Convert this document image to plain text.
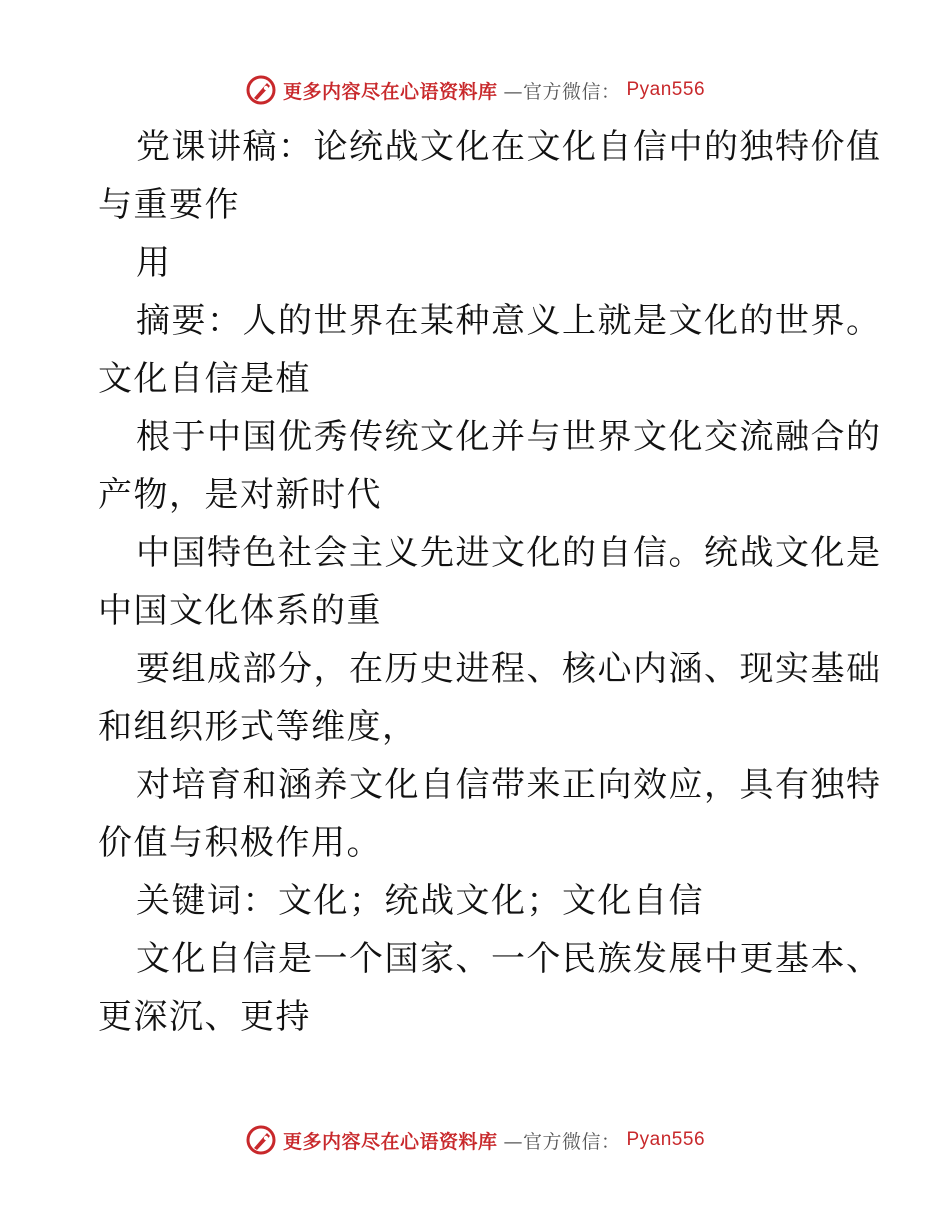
更多内容尽在心语资料库 —官方微信： Pyan556
党课讲稿：论统战文化在文化自信中的独特价值
与重要作
用
摘要：人的世界在某种意义上就是文化的世界。
文化自信是植
根于中国优秀传统文化并与世界文化交流融合的
产物，是对新时代
中国特色社会主义先进文化的自信。统战文化是
中国文化体系的重
要组成部分，在历史进程、核心内涵、现实基础
和组织形式等维度，
对培育和涵养文化自信带来正向效应，具有独特
价值与积极作用。
关键词：文化；统战文化；文化自信
文化自信是一个国家、一个民族发展中更基本、
更深沉、更持
更多内容尽在心语资料库 —官方微信： Pyan556
